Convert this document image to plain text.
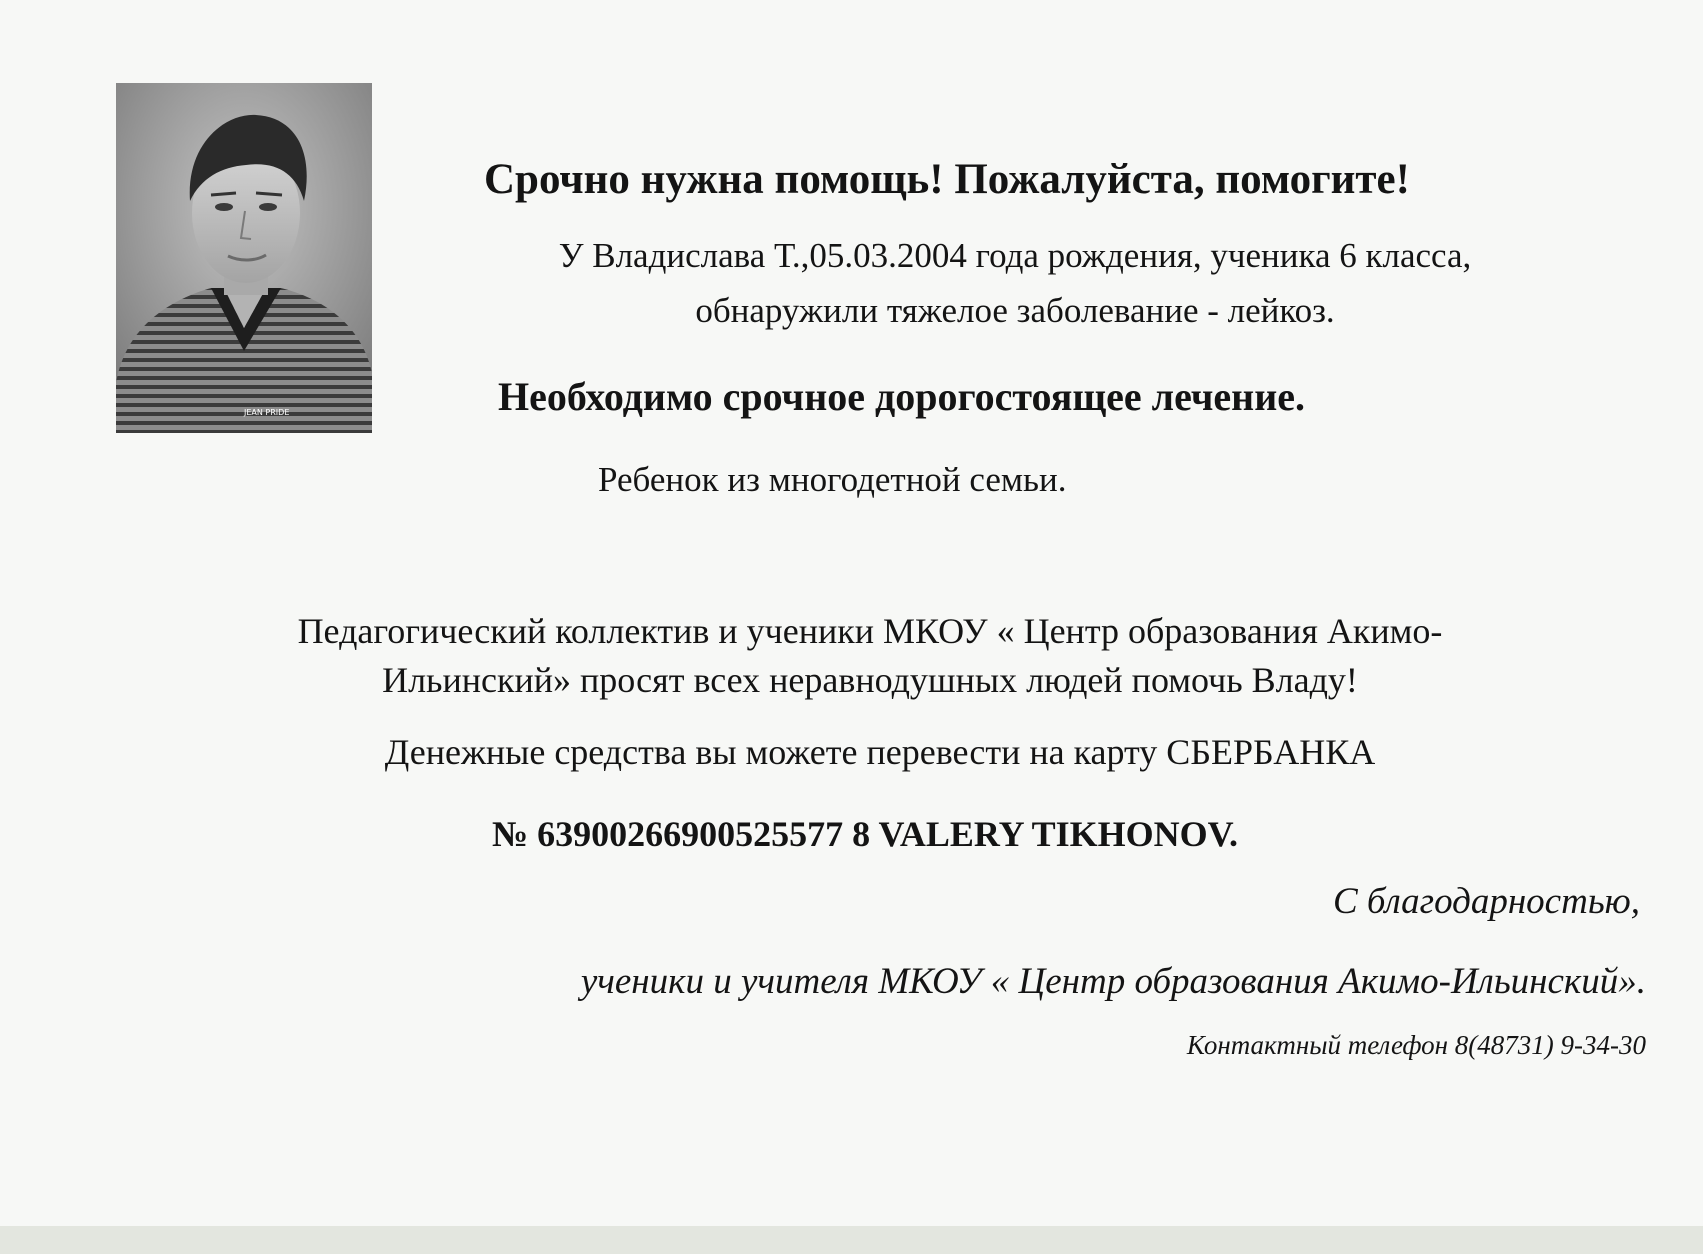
JEAN PRIDE

Срочно нужна помощь! Пожалуйста, помогите!

У Владислава Т.,05.03.2004 года рождения, ученика 6 класса,

обнаружили тяжелое заболевание - лейкоз.

Необходимо срочное дорогостоящее лечение.

Ребенок из многодетной семьи.

Педагогический коллектив и ученики МКОУ « Центр образования Акимо-

Ильинский» просят всех неравнодушных людей помочь Владу!

Денежные средства вы можете перевести на карту СБЕРБАНКА

№ 63900266900525577 8 VALERY TIKHONOV.

С благодарностью,

ученики и учителя МКОУ « Центр образования Акимо-Ильинский».

Контактный телефон 8(48731) 9-34-30
